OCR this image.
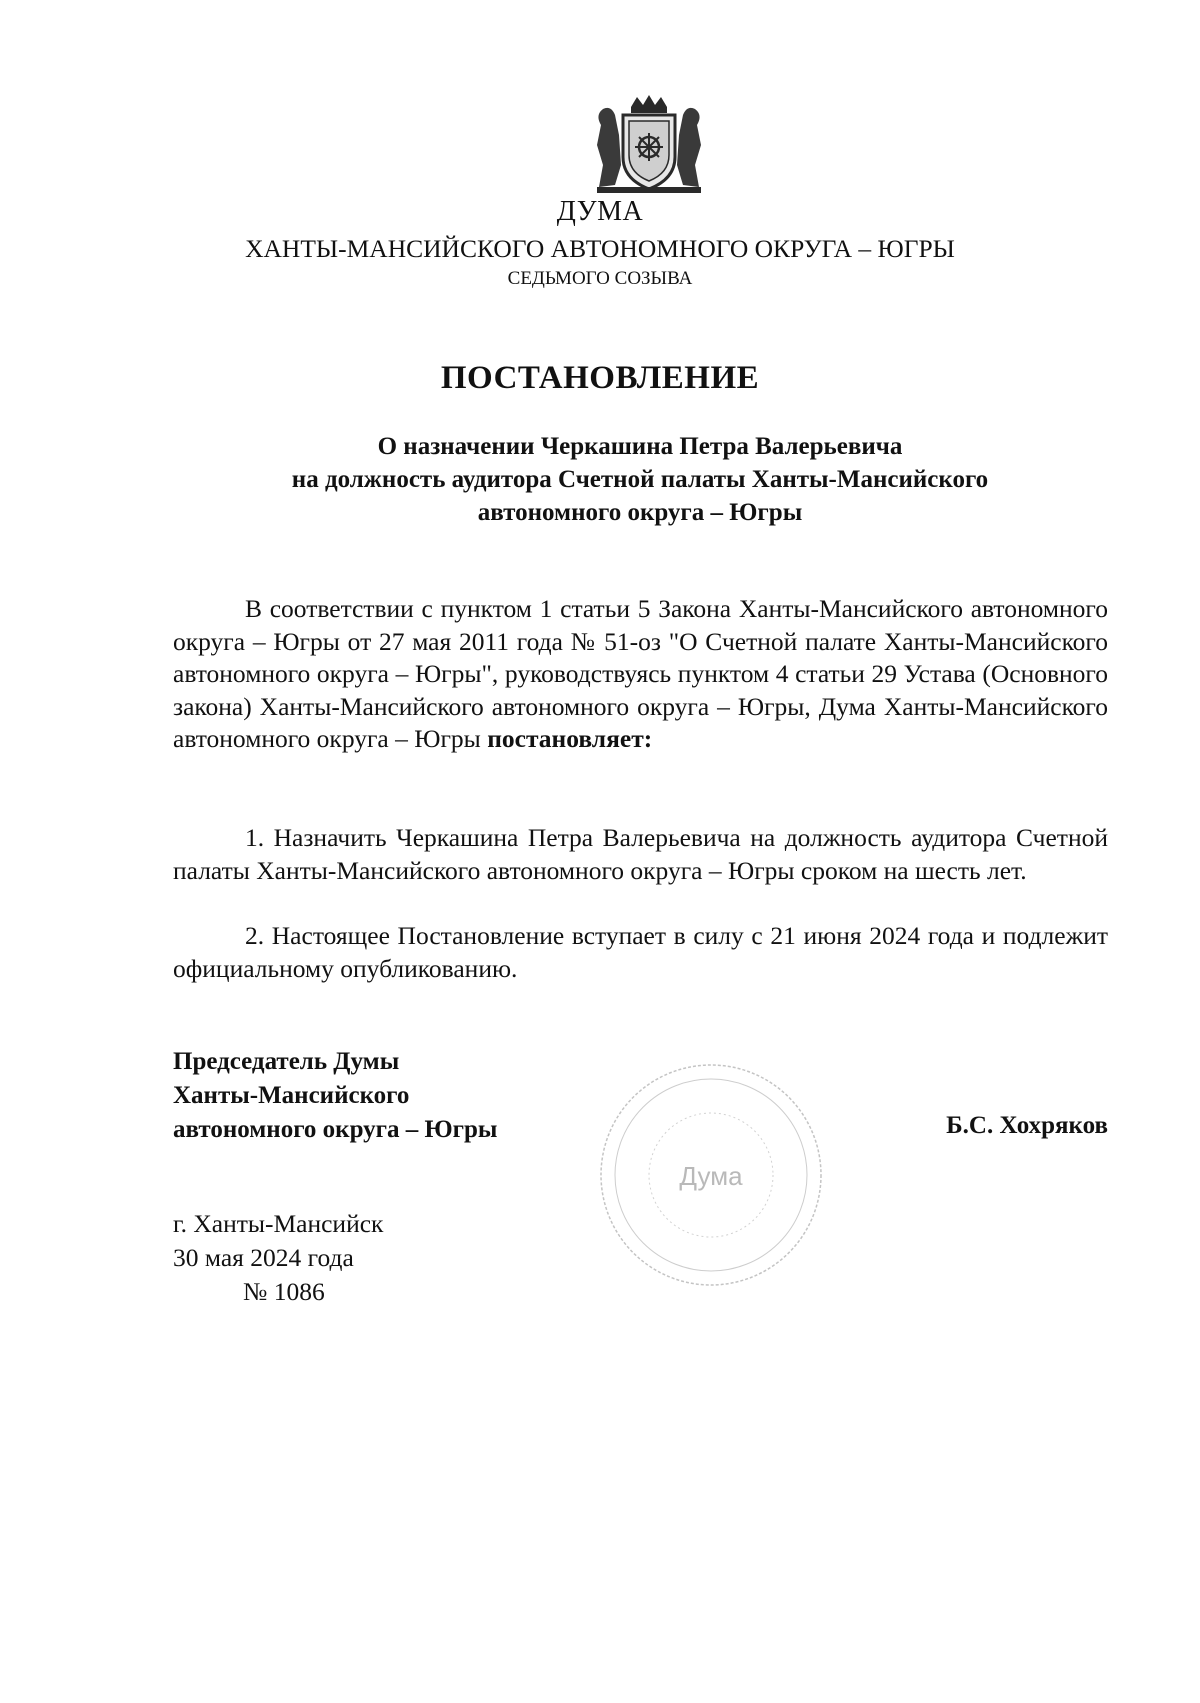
ДУМА
ХАНТЫ-МАНСИЙСКОГО АВТОНОМНОГО ОКРУГА – ЮГРЫ
СЕДЬМОГО СОЗЫВА
ПОСТАНОВЛЕНИЕ
О назначении Черкашина Петра Валерьевича
на должность аудитора Счетной палаты Ханты-Мансийского
автономного округа – Югры

В соответствии с пунктом 1 статьи 5 Закона Ханты-Мансийского автономного округа – Югры от 27 мая 2011 года № 51-оз "О Счетной палате Ханты-Мансийского автономного округа – Югры", руководствуясь пунктом 4 статьи 29 Устава (Основного закона) Ханты-Мансийского автономного округа – Югры, Дума Ханты-Мансийского автономного округа – Югры постановляет:

1. Назначить Черкашина Петра Валерьевича на должность аудитора Счетной палаты Ханты-Мансийского автономного округа – Югры сроком на шесть лет.

2. Настоящее Постановление вступает в силу с 21 июня 2024 года и подлежит официальному опубликованию.

Председатель Думы
Ханты-Мансийского
автономного округа – Югры
Дума
Б.С. Хохряков
г. Ханты-Мансийск
30 мая 2024 года
№ 1086
